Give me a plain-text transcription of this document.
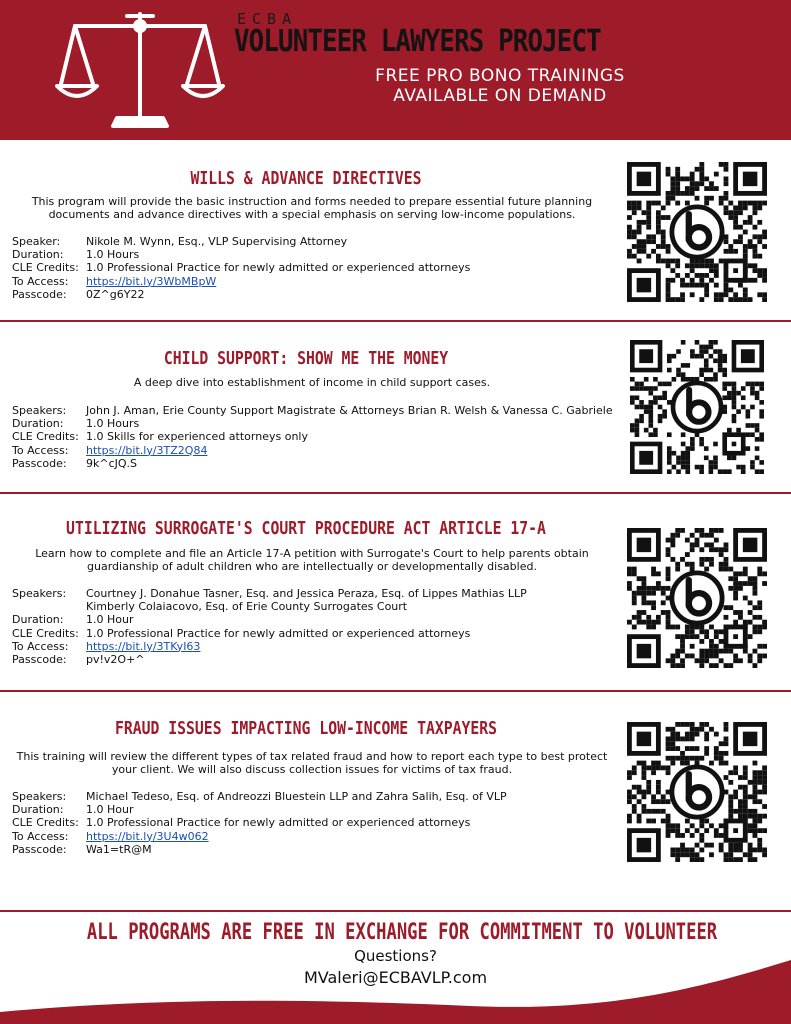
ECBA
VOLUNTEER LAWYERS PROJECT
FREE PRO BONO TRAININGS
AVAILABLE ON DEMAND
WILLS & ADVANCE DIRECTIVES
This program will provide the basic instruction and forms needed to prepare essential future planning documents and advance directives with a special emphasis on serving low-income populations.
Speaker: Nikole M. Wynn, Esq., VLP Supervising Attorney
Duration: 1.0 Hours
CLE Credits: 1.0 Professional Practice for newly admitted or experienced attorneys
To Access: https://bit.ly/3WbMBpW
Passcode: 0Z^g6Y22
CHILD SUPPORT: SHOW ME THE MONEY
A deep dive into establishment of income in child support cases.
Speakers: John J. Aman, Erie County Support Magistrate & Attorneys Brian R. Welsh & Vanessa C. Gabriele
Duration: 1.0 Hours
CLE Credits: 1.0 Skills for experienced attorneys only
To Access: https://bit.ly/3TZ2Q84
Passcode: 9k^cJQ.S
UTILIZING SURROGATE'S COURT PROCEDURE ACT ARTICLE 17-A
Learn how to complete and file an Article 17-A petition with Surrogate's Court to help parents obtain guardianship of adult children who are intellectually or developmentally disabled.
Speakers: Courtney J. Donahue Tasner, Esq. and Jessica Peraza, Esq. of Lippes Mathias LLP
Kimberly Colaiacovo, Esq. of Erie County Surrogates Court
Duration: 1.0 Hour
CLE Credits: 1.0 Professional Practice for newly admitted or experienced attorneys
To Access: https://bit.ly/3TKyI63
Passcode: pv!v2O+^
FRAUD ISSUES IMPACTING LOW-INCOME TAXPAYERS
This training will review the different types of tax related fraud and how to report each type to best protect your client. We will also discuss collection issues for victims of tax fraud.
Speakers: Michael Tedeso, Esq. of Andreozzi Bluestein LLP and Zahra Salih, Esq. of VLP
Duration: 1.0 Hour
CLE Credits: 1.0 Professional Practice for newly admitted or experienced attorneys
To Access: https://bit.ly/3U4w062
Passcode: Wa1=tR@M
ALL PROGRAMS ARE FREE IN EXCHANGE FOR COMMITMENT TO VOLUNTEER
Questions?
MValeri@ECBAVLP.com
